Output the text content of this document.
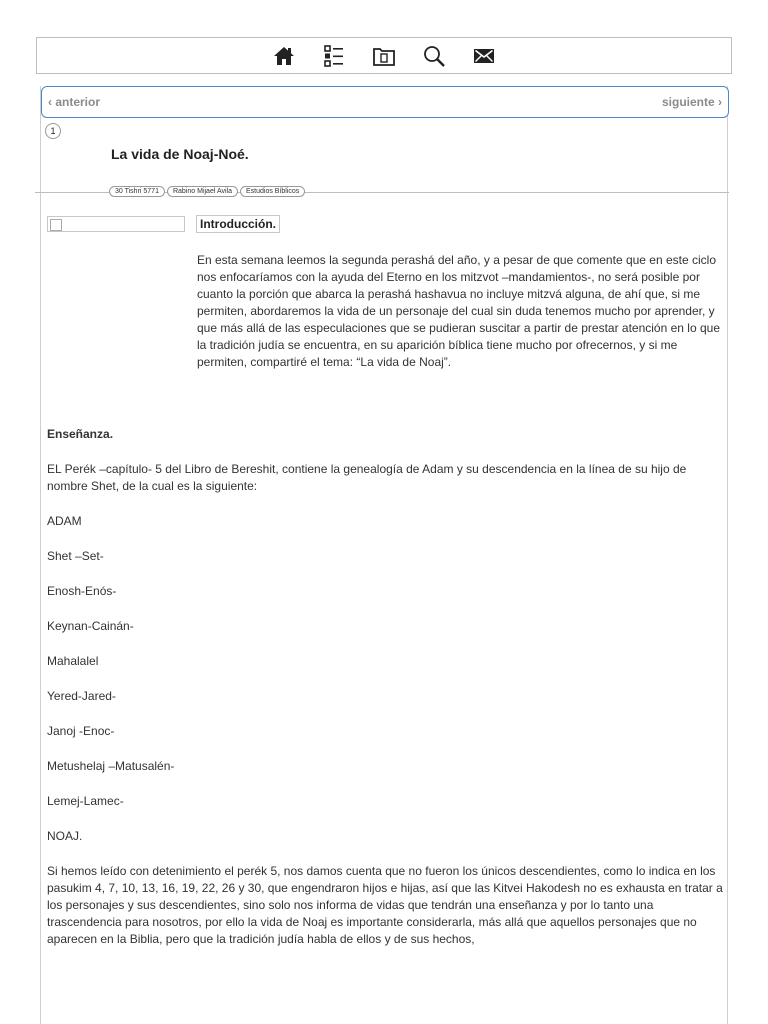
‹ anterior	siguiente ›
1
La vida de Noaj-Noé.
30 Tishri 5771	Rabino Mijael Avila	Estudios Bíblicos
Introducción.
En esta semana leemos la segunda perashá del año, y a pesar de que comente que en este ciclo nos enfocaríamos con la ayuda del Eterno en los mitzvot –mandamientos-, no será posible por cuanto la porción que abarca la perashá hashavua no incluye mitzvá alguna, de ahí que, si me permiten, abordaremos la vida de un personaje del cual sin duda tenemos mucho por aprender, y que más allá de las especulaciones que se pudieran suscitar a partir de prestar atención en lo que la tradición judía se encuentra, en su aparición bíblica tiene mucho por ofrecernos, y si me permiten, compartiré el tema: “La vida de Noaj”.

Enseñanza.

EL Perék –capítulo- 5 del Libro de Bereshit, contiene la genealogía de Adam y su descendencia en la línea de su hijo de nombre Shet, de la cual es la siguiente:

ADAM

Shet –Set-

Enosh-Enós-

Keynan-Cainán-

Mahalalel

Yered-Jared-

Janoj -Enoc-

Metushelaj –Matusalén-

Lemej-Lamec-

NOAJ.

Si hemos leído con detenimiento el perék 5, nos damos cuenta que no fueron los únicos descendientes, como lo indica en los pasukim 4, 7, 10, 13, 16, 19, 22, 26 y 30, que engendraron hijos e hijas, así que las Kitvei Hakodesh no es exhausta en tratar a los personajes y sus descendientes, sino solo nos informa de vidas que tendrán una enseñanza y por lo tanto una trascendencia para nosotros, por ello la vida de Noaj es importante considerarla, más allá que aquellos personajes que no aparecen en la Biblia, pero que la tradición judía habla de ellos y de sus hechos,
